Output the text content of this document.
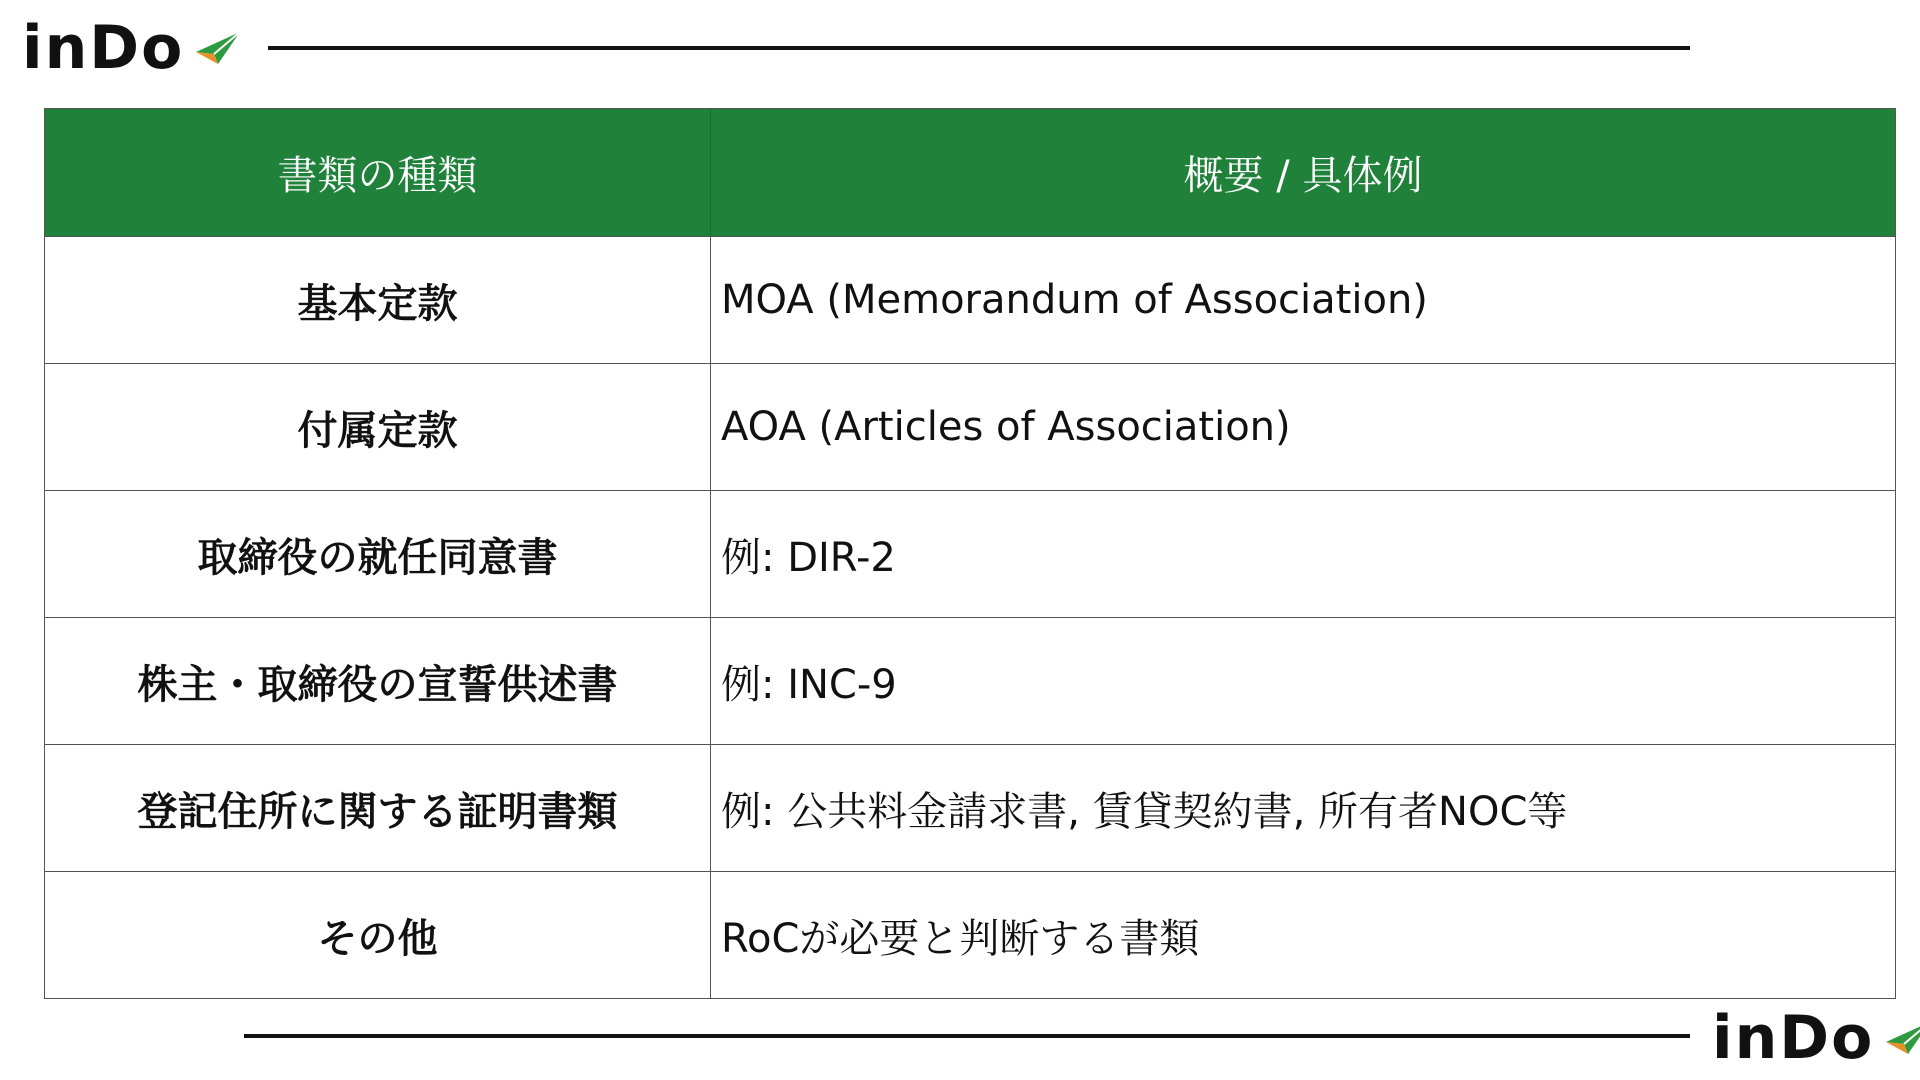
inDo
書類の種類	概要 / 具体例
基本定款	MOA (Memorandum of Association)
付属定款	AOA (Articles of Association)
取締役の就任同意書	例: DIR-2
株主・取締役の宣誓供述書	例: INC-9
登記住所に関する証明書類	例: 公共料金請求書, 賃貸契約書, 所有者NOC等
その他	RoCが必要と判断する書類
inDo
